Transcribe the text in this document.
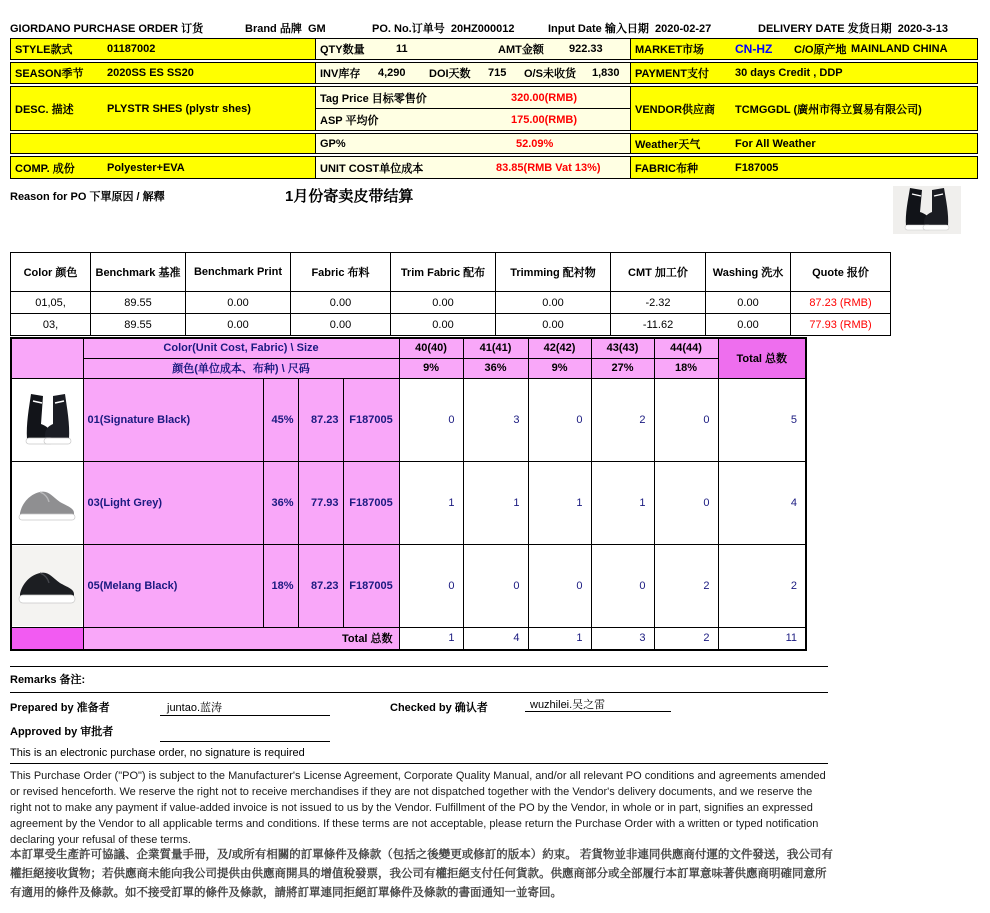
GIORDANO PURCHASE ORDER 订货	Brand 品牌 GM	PO. No.订单号 20HZ000012	Input Date 输入日期 2020-02-27	DELIVERY DATE 发货日期 2020-3-13
STYLE款式	01187002	QTY数量	11	AMT金额 922.33	MARKET市场	CN-HZ C/O原产地 MAINLAND CHINA
SEASON季节	2020SS ES SS20	INV库存 4,290 DOI天数 715 O/S未收货 1,830	PAYMENT支付	30 days Credit , DDP
DESC. 描述	PLYSTR SHES (plystr shes)
Tag Price 目标零售价	320.00(RMB)
ASP 平均价	175.00(RMB)
VENDOR供应商	TCMGGDL (廣州市得立貿易有限公司)
GP%	52.09%	Weather天气	For All Weather
COMP. 成份	Polyester+EVA	UNIT COST单位成本	83.85(RMB Vat 13%)	FABRIC布种	F187005
Reason for PO 下單原因 / 解釋	1月份寄卖皮带结算
Color 颜色	Benchmark 基准	Benchmark Print	Fabric 布料	Trim Fabric 配布	Trimming 配衬物	CMT 加工价	Washing 洗水	Quote 报价
01,05,	89.55	0.00	0.00	0.00	0.00	-2.32	0.00	87.23 (RMB)
03,	89.55	0.00	0.00	0.00	0.00	-11.62	0.00	77.93 (RMB)
	Color(Unit Cost, Fabric) \ Size				40(40)	41(41)	42(42)	43(43)	44(44)	Total 总数
	颜色(单位成本、布种) \ 尺码				9%	36%	9%	27%	18%	

	01(Signature Black)	45%	87.23	F187005	0	3	0	2	0	5

	03(Light Grey)	36%	77.93	F187005	1	1	1	1	0	4

	05(Melang Black)	18%	87.23	F187005	0	0	0	0	2	2
	Total 总数				1	4	1	3	2	11
Remarks 备注:
Prepared by 准备者	juntao.蓝涛	Checked by 确认者	wuzhilei.吴之雷
Approved by 审批者
This is an electronic purchase order, no signature is required
This Purchase Order ("PO") is subject to the Manufacturer's License Agreement, Corporate Quality Manual, and/or all relevant PO conditions and agreements amended or revised henceforth. We reserve the right not to receive merchandises if they are not dispatched together with the Vendor's delivery documents, and we reserve the right not to make any payment if value-added invoice is not issued to us by the Vendor. Fulfillment of the PO by the Vendor, in whole or in part, signifies an expressed agreement by the Vendor to all applicable terms and conditions. If these terms are not acceptable, please return the Purchase Order with a written or typed notification declaring your refusal of these terms.
本訂單受生產許可協議、企業質量手冊，及/或所有相關的訂單條件及條款（包括之後變更或修訂的版本）約束。 若貨物並非連同供應商付運的文件發送，我公司有權拒絕接收貨物；若供應商未能向我公司提供由供應商開具的增值稅發票，我公司有權拒絕支付任何貨款。供應商部分或全部履行本訂單意味著供應商明確同意所有適用的條件及條款。如不接受訂單的條件及條款，請將訂單連同拒絕訂單條件及條款的書面通知一並寄回。
